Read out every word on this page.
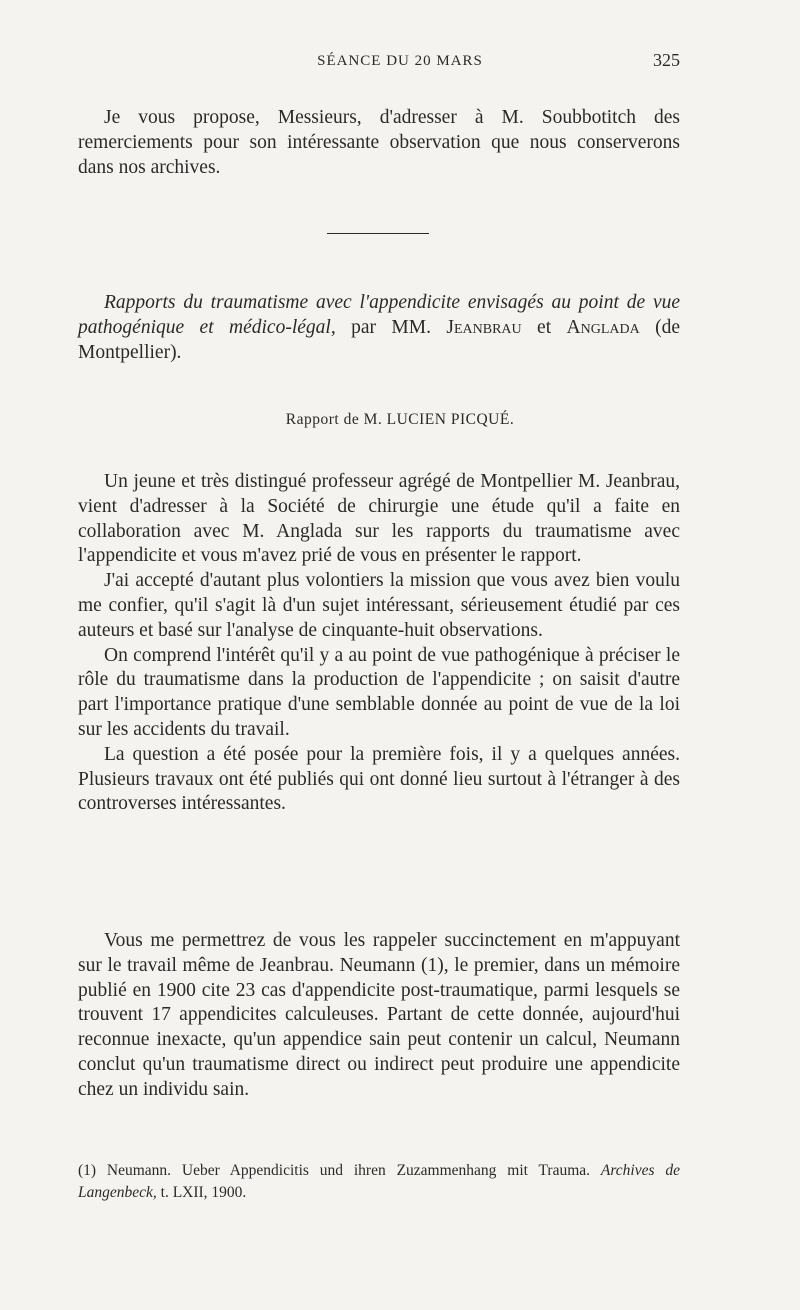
SÉANCE DU 20 MARS	325

Je vous propose, Messieurs, d'adresser à M. Soubbotitch des remerciements pour son intéressante observation que nous conserverons dans nos archives.

Rapports du traumatisme avec l'appendicite envisagés au point de vue pathogénique et médico-légal, par MM. Jeanbrau et Anglada (de Montpellier).

Rapport de M. LUCIEN PICQUÉ.

Un jeune et très distingué professeur agrégé de Montpellier M. Jeanbrau, vient d'adresser à la Société de chirurgie une étude qu'il a faite en collaboration avec M. Anglada sur les rapports du traumatisme avec l'appendicite et vous m'avez prié de vous en présenter le rapport.

J'ai accepté d'autant plus volontiers la mission que vous avez bien voulu me confier, qu'il s'agit là d'un sujet intéressant, sérieusement étudié par ces auteurs et basé sur l'analyse de cinquante-huit observations.

On comprend l'intérêt qu'il y a au point de vue pathogénique à préciser le rôle du traumatisme dans la production de l'appendicite ; on saisit d'autre part l'importance pratique d'une semblable donnée au point de vue de la loi sur les accidents du travail.

La question a été posée pour la première fois, il y a quelques années. Plusieurs travaux ont été publiés qui ont donné lieu surtout à l'étranger à des controverses intéressantes.

Vous me permettrez de vous les rappeler succinctement en m'appuyant sur le travail même de Jeanbrau. Neumann (1), le premier, dans un mémoire publié en 1900 cite 23 cas d'appendicite post-traumatique, parmi lesquels se trouvent 17 appendicites calculeuses. Partant de cette donnée, aujourd'hui reconnue inexacte, qu'un appendice sain peut contenir un calcul, Neumann conclut qu'un traumatisme direct ou indirect peut produire une appendicite chez un individu sain.

(1) Neumann. Ueber Appendicitis und ihren Zuzammenhang mit Trauma. Archives de Langenbeck, t. LXII, 1900.
